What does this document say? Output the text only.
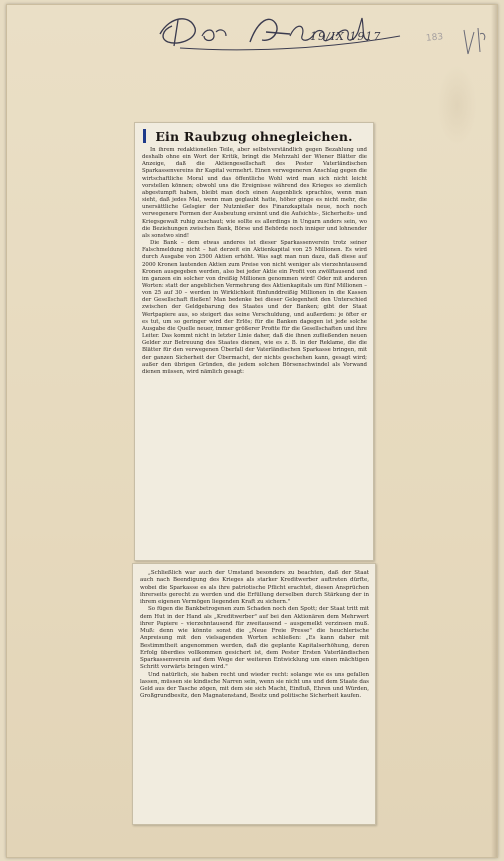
Der Abend	19/IX 1917	183
Ein Raubzug ohnegleichen.

In ihrem redaktionellen Teile, aber selbstverständlich gegen Bezahlung und deshalb ohne ein Wort der Kritik, bringt die Mehrzahl der Wiener Blätter die Anzeige, daß die Aktiengesellschaft des Pester Vaterländischen Sparkassenvereins ihr Kapital vermehrt. Einen verwegeneren Anschlag gegen die wirtschaftliche Moral und das öffentliche Wohl wird man sich nicht leicht vorstellen können; obwohl uns die Ereignisse während des Krieges so ziemlich abgestumpft haben, bleibt man doch einen Augenblick sprachlos, wenn man sieht, daß jedes Mal, wenn man geglaubt hatte, höher ginge es nicht mehr, die unersättliche Gelsgier der Nutznießer des Finanzkapitals neue, noch noch verwegenere Formen der Ausbeutung ersinnt und die Aufsichts-, Sicherheits- und Kriegsgewalt ruhig zuschaut; wie sollte es allerdings in Ungarn anders sein, wo die Beziehungen zwischen Bank, Börse und Behörde noch inniger und lohnender als sonstwo sind!

Die Bank – dem etwas anderes ist dieser Sparkassenverein trotz seiner Falschmeldung nicht – hat derzeit ein Aktienkapital von 25 Millionen. Es wird durch Ausgabe von 2500 Aktien erhöht. Was sagt man nun dazu, daß diese auf 2000 Kronen lautenden Aktien zum Preise von nicht weniger als vierzehntausend Kronen ausgegeben werden, also bei jeder Aktie ein Profit von zwölftausend und im ganzen ein solcher von dreißig Millionen genommen wird! Oder mit anderen Worten: statt der angeblichen Vermehrung des Aktienkapitals um fünf Millionen – von 25 auf 30 – werden in Wirklichkeit fünfunddreißig Millionen in die Kassen der Gesellschaft fließen! Man bedenke bei dieser Gelegenheit den Unterschied zwischen der Geldgebarung des Staates und der Banken; gibt der Staat Wertpapiere aus, so steigert das seine Verschuldung, und außerdem: je öfter er es tut, um so geringer wird der Erlös; für die Banken dagegen ist jede solche Ausgabe die Quelle neuer, immer größerer Profite für die Gesellschaften und ihre Leiter. Das kommt nicht in letzter Linie daher, daß die ihnen zufließenden neuen Gelder zur Betreuung des Staates dienen, wie es z. B. in der Reklame, die die Blätter für den verwegenen Überfall der Vaterländischen Sparkasse bringen, mit der ganzen Sicherheit der Übermacht, der nichts geschehen kann, gesagt wird; außer den übrigen Gründen, die jedem solchen Börsenschwindel als Vorwand dienen müssen, wird nämlich gesagt:

„Schließlich war auch der Umstand besonders zu beachten, daß der Staat auch nach Beendigung des Krieges als starker Kreditwerber auftreten dürfte, wobei die Sparkasse es als ihre patriotische Pflicht erachtet, diesen Ansprüchen ihrerseits gerecht zu werden und die Erfüllung derselben durch Stärkung der in ihrem eigenen Vermögen liegenden Kraft zu sichern."

So fügen die Bankbetrogenen zum Schaden noch den Spott; der Staat tritt mit dem Hut in der Hand als „Kreditwerber" auf bei den Aktionären dem Mehrwert ihrer Papiere – vierzehntausend für zweitausend – ausgemelkt verzinsen muß. Muß: denn wie könnte sonst die „Neue Freie Presse" die heuchlerische Anpreisung mit den vielsagenden Worten schließen: „Es kann daher mit Bestimmtheit angenommen werden, daß die geplante Kapitalserhöhung, deren Erfolg überdies vollkommen gesichert ist, dem Pester Ersten Vaterländischen Sparkassenverein auf dem Wege der weiteren Entwicklung um einen mächtigen Schritt vorwärts bringen wird."

Und natürlich, sie haben recht und wieder recht: solange wie es uns gefallen lassen, müssen sie kindische Narren sein, wenn sie nicht uns und dem Staate das Geld aus der Tasche zögen, mit dem sie sich Macht, Einfluß, Ehren und Würden, Großgrundbesitz, den Magnatenstand, Besitz und politische Sicherheit kaufen.
